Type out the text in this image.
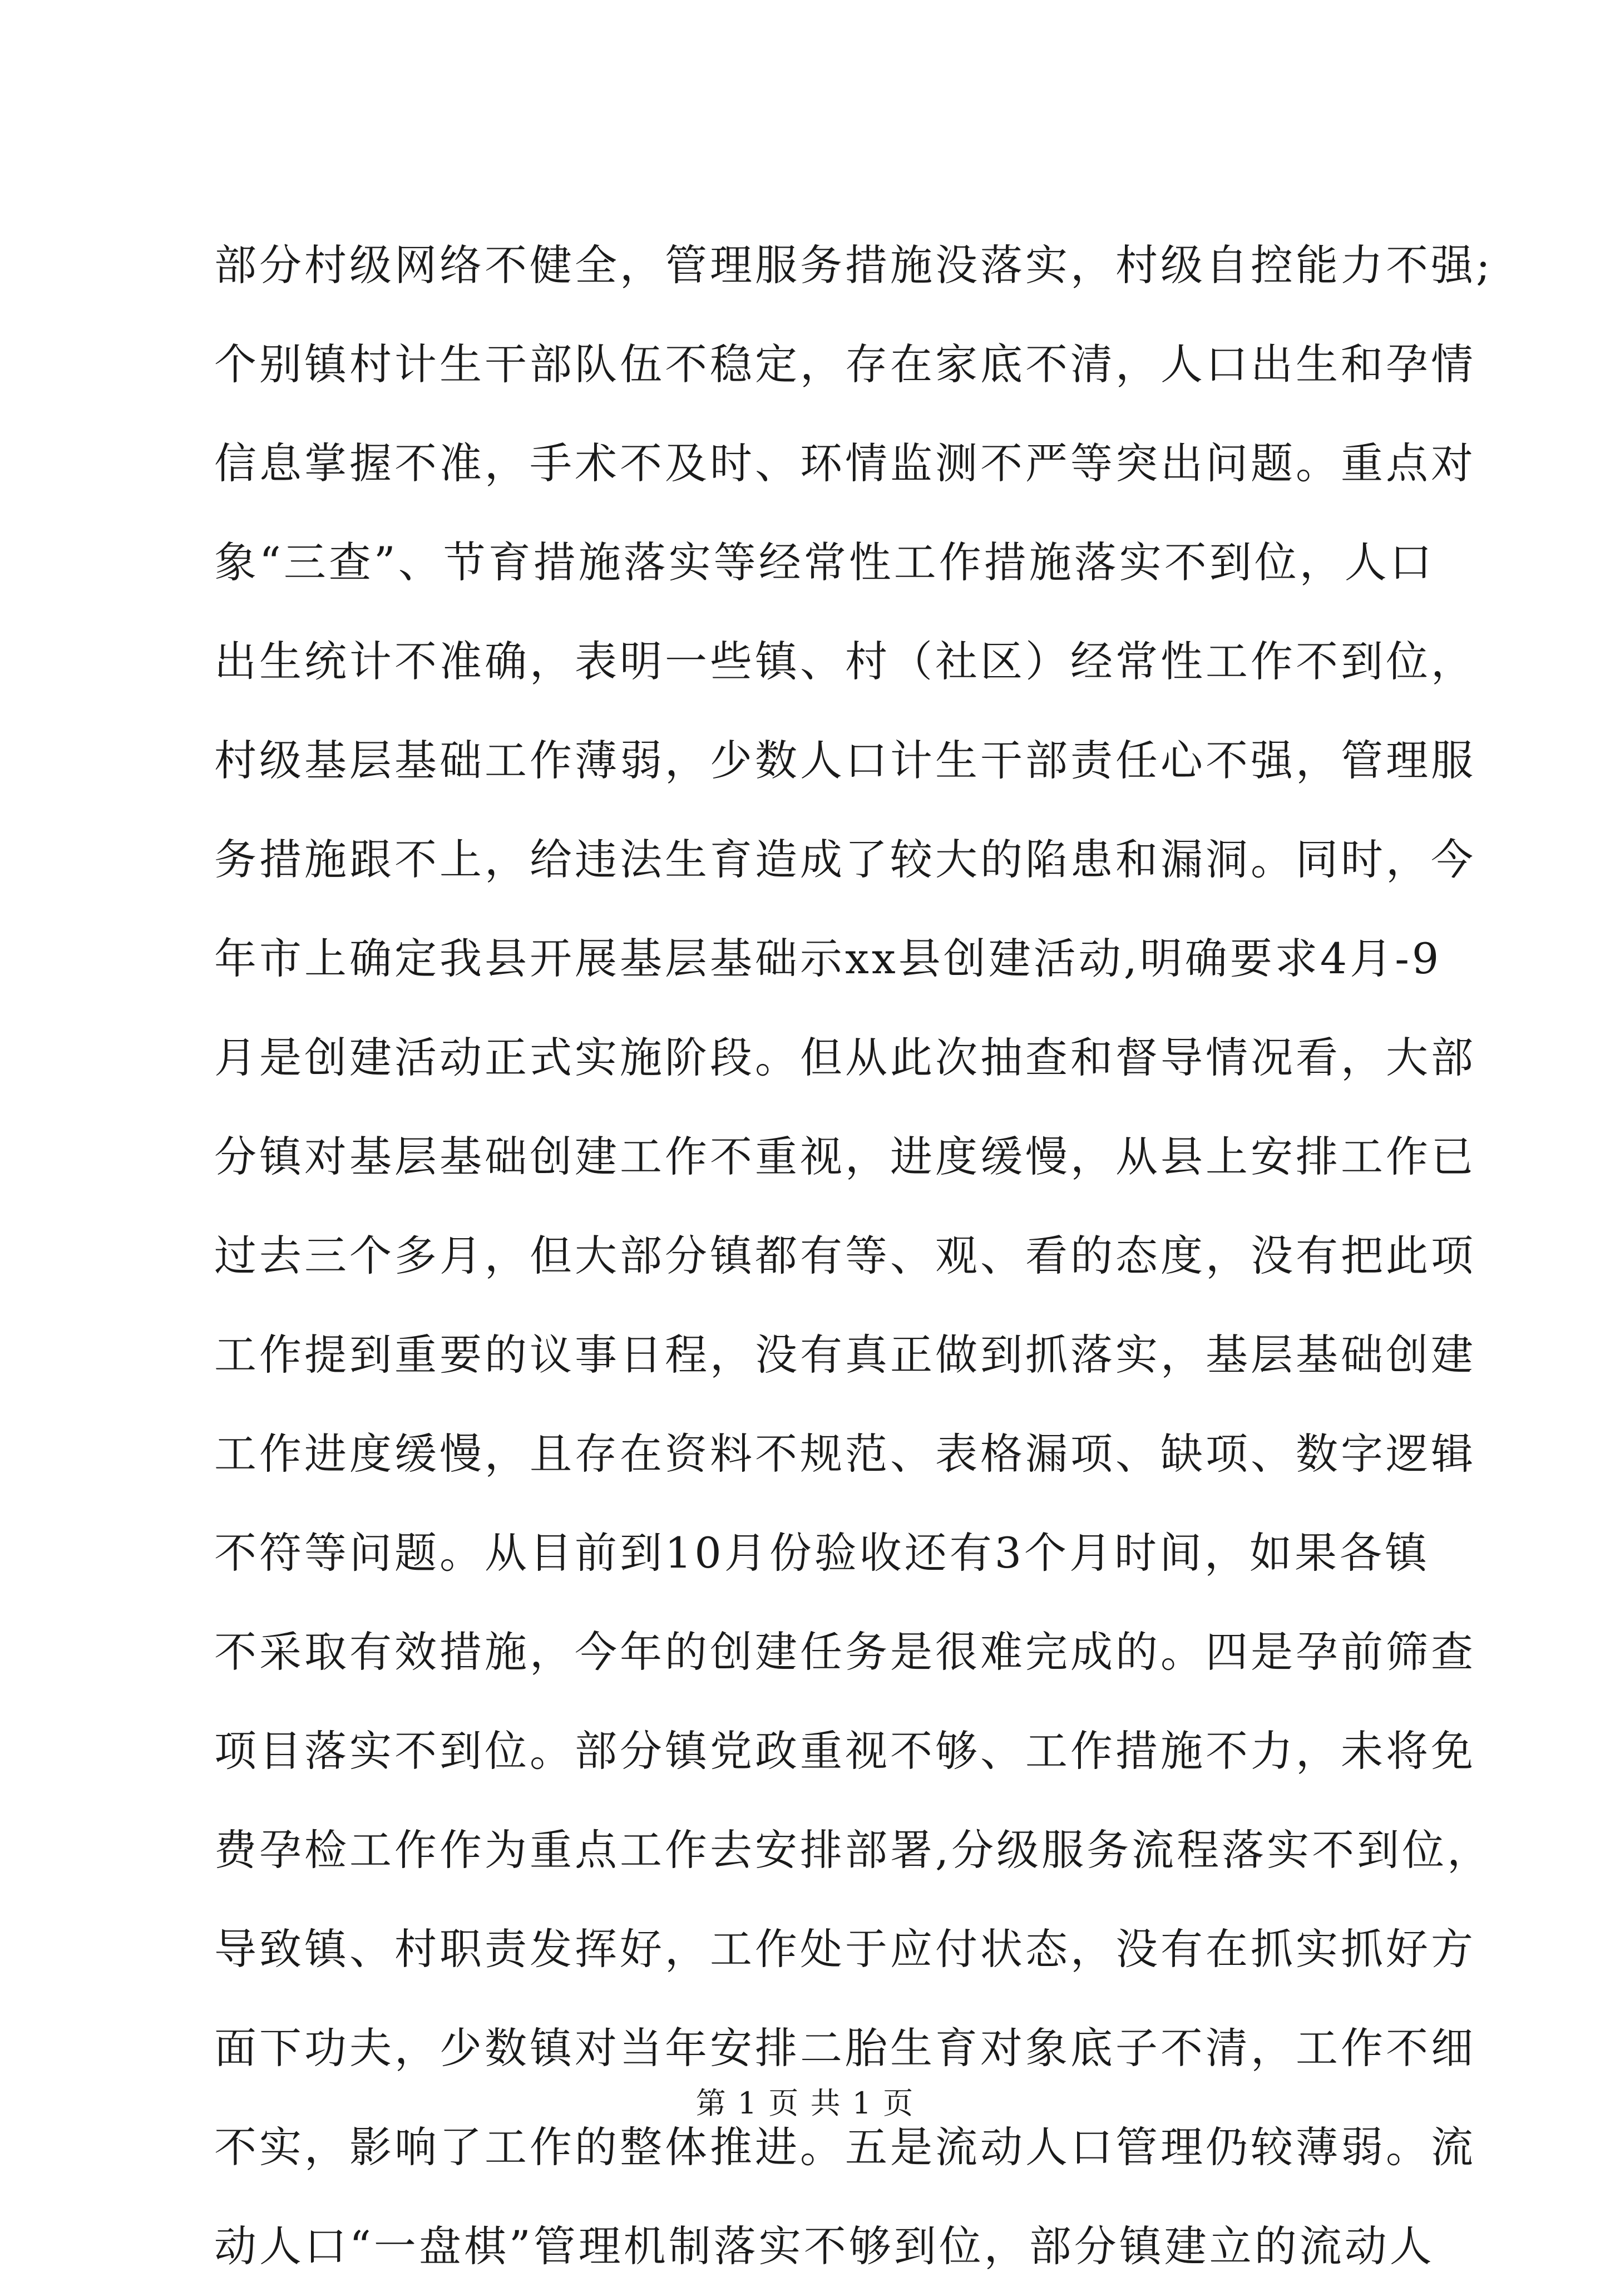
部分村级网络不健全，管理服务措施没落实，村级自控能力不强;
个别镇村计生干部队伍不稳定，存在家底不清，人口出生和孕情
信息掌握不准，手术不及时、环情监测不严等突出问题。重点对
象“三查”、节育措施落实等经常性工作措施落实不到位，人口
出生统计不准确，表明一些镇、村（社区）经常性工作不到位，
村级基层基础工作薄弱，少数人口计生干部责任心不强，管理服
务措施跟不上，给违法生育造成了较大的陷患和漏洞。同时，今
年市上确定我县开展基层基础示xx县创建活动,明确要求4月-9
月是创建活动正式实施阶段。但从此次抽查和督导情况看，大部
分镇对基层基础创建工作不重视，进度缓慢，从县上安排工作已
过去三个多月，但大部分镇都有等、观、看的态度，没有把此项
工作提到重要的议事日程，没有真正做到抓落实，基层基础创建
工作进度缓慢，且存在资料不规范、表格漏项、缺项、数字逻辑
不符等问题。从目前到10月份验收还有3个月时间，如果各镇
不采取有效措施，今年的创建任务是很难完成的。四是孕前筛查
项目落实不到位。部分镇党政重视不够、工作措施不力，未将免
费孕检工作作为重点工作去安排部署,分级服务流程落实不到位，
导致镇、村职责发挥好，工作处于应付状态，没有在抓实抓好方
面下功夫，少数镇对当年安排二胎生育对象底子不清，工作不细
不实，影响了工作的整体推进。五是流动人口管理仍较薄弱。流
动人口“一盘棋”管理机制落实不够到位，部分镇建立的流动人
第 1 页 共 1 页
